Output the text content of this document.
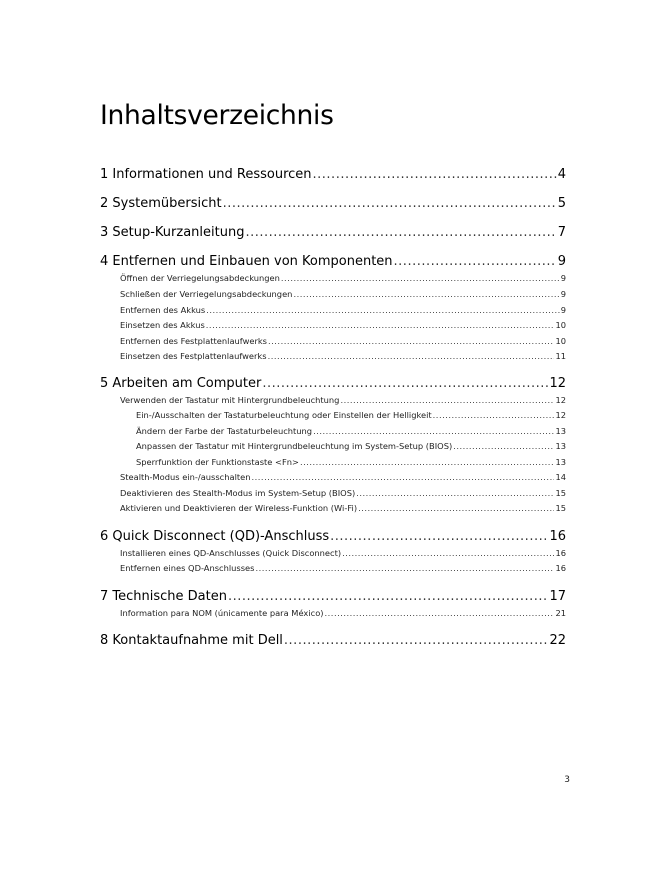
Inhaltsverzeichnis
1 Informationen und Ressourcen .....	4
2 Systemübersicht .....	5
3 Setup-Kurzanleitung .....	7
4 Entfernen und Einbauen von Komponenten .....	9
Öffnen der Verriegelungsabdeckungen .....	9
Schließen der Verriegelungsabdeckungen .....	9
Entfernen des Akkus .....	9
Einsetzen des Akkus .....	10
Entfernen des Festplattenlaufwerks .....	10
Einsetzen des Festplattenlaufwerks .....	11
5 Arbeiten am Computer .....	12
Verwenden der Tastatur mit Hintergrundbeleuchtung .....	12
Ein-/Ausschalten der Tastaturbeleuchtung oder Einstellen der Helligkeit .....	12
Ändern der Farbe der Tastaturbeleuchtung .....	13
Anpassen der Tastatur mit Hintergrundbeleuchtung im System-Setup (BIOS) .....	13
Sperrfunktion der Funktionstaste <Fn> .....	13
Stealth-Modus ein-/ausschalten .....	14
Deaktivieren des Stealth-Modus im System-Setup (BIOS) .....	15
Aktivieren und Deaktivieren der Wireless-Funktion (Wi-Fi) .....	15
6 Quick Disconnect (QD)-Anschluss .....	16
Installieren eines QD-Anschlusses (Quick Disconnect) .....	16
Entfernen eines QD-Anschlusses .....	16
7 Technische Daten .....	17
Information para NOM (únicamente para México) .....	21
8 Kontaktaufnahme mit Dell .....	22
3
